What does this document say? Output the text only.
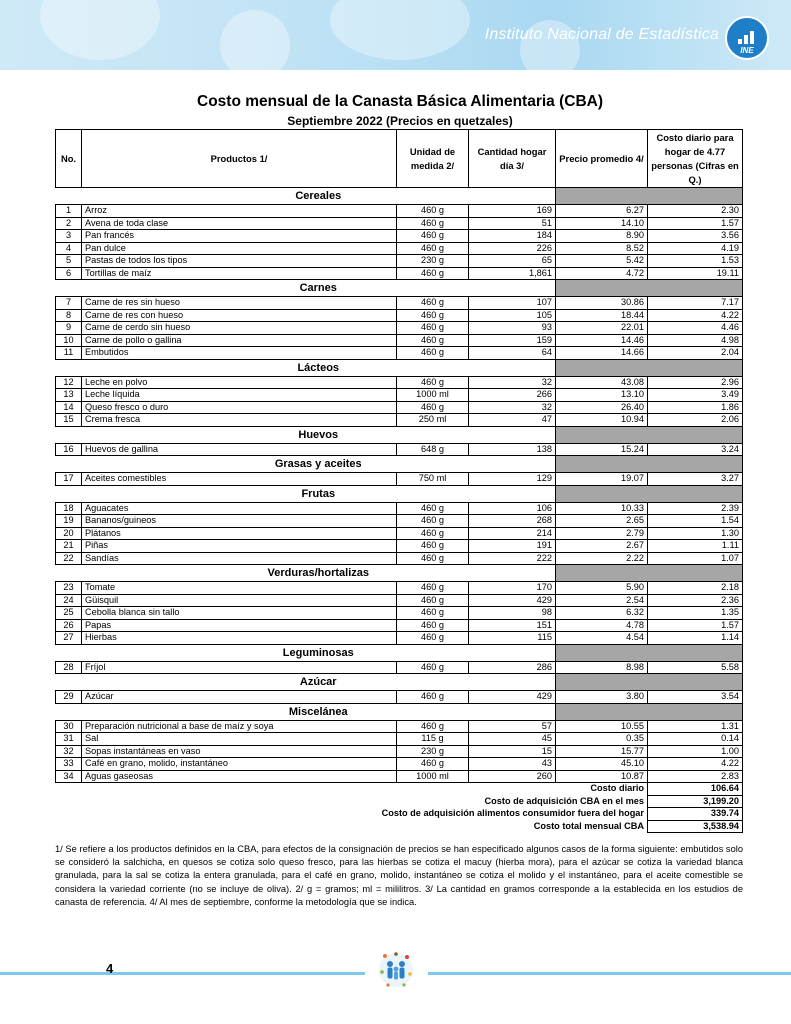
Instituto Nacional de Estadística
INE
Costo mensual de la Canasta Básica Alimentaria (CBA)
Septiembre 2022 (Precios en quetzales)
No.	Productos 1/	Unidad de medida 2/	Cantidad hogar día 3/	Precio promedio 4/	Costo diario para hogar de 4.77 personas (Cifras en Q.)
	Cereales				
1	Arroz	460 g	169	6.27	2.30
2	Avena de toda clase	460 g	51	14.10	1.57
3	Pan francés	460 g	184	8.90	3.56
4	Pan dulce	460 g	226	8.52	4.19
5	Pastas de todos los tipos	230 g	65	5.42	1.53
6	Tortillas de maíz	460 g	1,861	4.72	19.11
	Carnes				
7	Carne de res sin hueso	460 g	107	30.86	7.17
8	Carne de res con hueso	460 g	105	18.44	4.22
9	Carne de cerdo sin hueso	460 g	93	22.01	4.46
10	Carne de pollo o gallina	460 g	159	14.46	4.98
11	Embutidos	460 g	64	14.66	2.04
	Lácteos				
12	Leche en polvo	460 g	32	43.08	2.96
13	Leche líquida	1000 ml	266	13.10	3.49
14	Queso fresco o duro	460 g	32	26.40	1.86
15	Crema fresca	250 ml	47	10.94	2.06
	Huevos				
16	Huevos de gallina	648 g	138	15.24	3.24
	Grasas y aceites				
17	Aceites comestibles	750 ml	129	19.07	3.27
	Frutas				
18	Aguacates	460 g	106	10.33	2.39
19	Bananos/guineos	460 g	268	2.65	1.54
20	Plátanos	460 g	214	2.79	1.30
21	Piñas	460 g	191	2.67	1.11
22	Sandías	460 g	222	2.22	1.07
	Verduras/hortalizas				
23	Tomate	460 g	170	5.90	2.18
24	Güisquil	460 g	429	2.54	2.36
25	Cebolla blanca sin tallo	460 g	98	6.32	1.35
26	Papas	460 g	151	4.78	1.57
27	Hierbas	460 g	115	4.54	1.14
	Leguminosas				
28	Fríjol	460 g	286	8.98	5.58
	Azúcar				
29	Azúcar	460 g	429	3.80	3.54
	Miscelánea				
30	Preparación nutricional a base de maíz y soya	460 g	57	10.55	1.31
31	Sal	115 g	45	0.35	0.14
32	Sopas instantáneas en vaso	230 g	15	15.77	1.00
33	Café en grano, molido, instantáneo	460 g	43	45.10	4.22
34	Aguas gaseosas	1000 ml	260	10.87	2.83
Costo diario					106.64
Costo de adquisición CBA en el mes					3,199.20
Costo de adquisición alimentos consumidor fuera del hogar					339.74
Costo total mensual CBA					3,538.94
1/ Se refiere a los productos definidos en la CBA, para efectos de la consignación de precios se han especificado algunos casos de la forma siguiente: embutidos solo se consideró la salchicha, en quesos se cotiza solo queso fresco, para las hierbas se cotiza el macuy (hierba mora), para el azúcar se cotiza la variedad blanca granulada, para la sal se cotiza la entera granulada, para el café en grano, molido, instantáneo se cotiza el molido y el instantáneo, para el aceite comestible se considera la variedad corriente (no se incluye de oliva). 2/ g = gramos; ml = mililitros. 3/ La cantidad en gramos corresponde a la establecida en los estudios de canasta de referencia. 4/ Al mes de septiembre, conforme la metodología que se indica.
4
